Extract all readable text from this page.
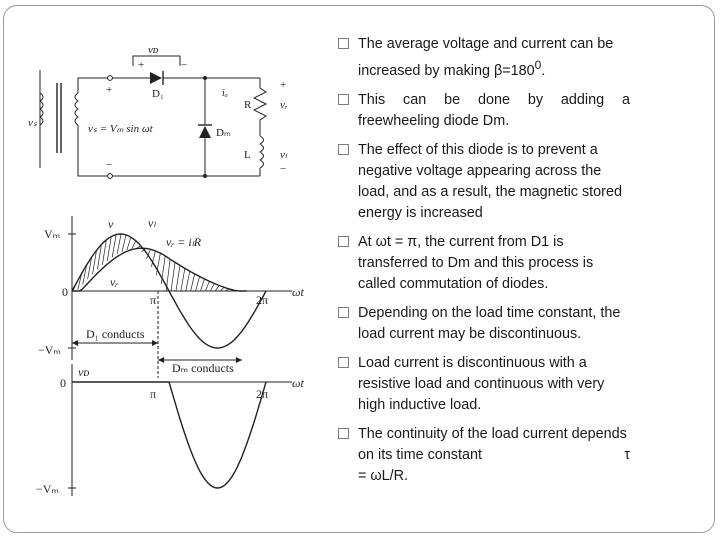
vₛ	vₛ = Vₘ sin ωt
D₁
Dₘ
R
L
vᵣ
vₗ
vᴅ
iₒ
+	−
+
−
+
−
Vₘ
−Vₘ
0
v	vₗ
vᵣ = iₗR
vᵣ
π	2π
ωt
D₁ conducts
Dₘ conducts
vᴅ
0
−Vₘ
π	2π
ωt
The average voltage and current can be increased by making $\beta=180^0$.
This can be done by adding a freewheeling diode Dm.
The effect of this diode is to prevent a negative voltage appearing across the load, and as a result, the magnetic stored energy is increased
At ωt = π, the current from D1 is transferred to Dm and this process is called commutation of diodes.
Depending on the load time constant, the load current may be discontinuous.
Load current is discontinuous with a resistive load and continuous with very high inductive load.
The continuity of the load current depends on its time constant	τ

= ωL/R.
